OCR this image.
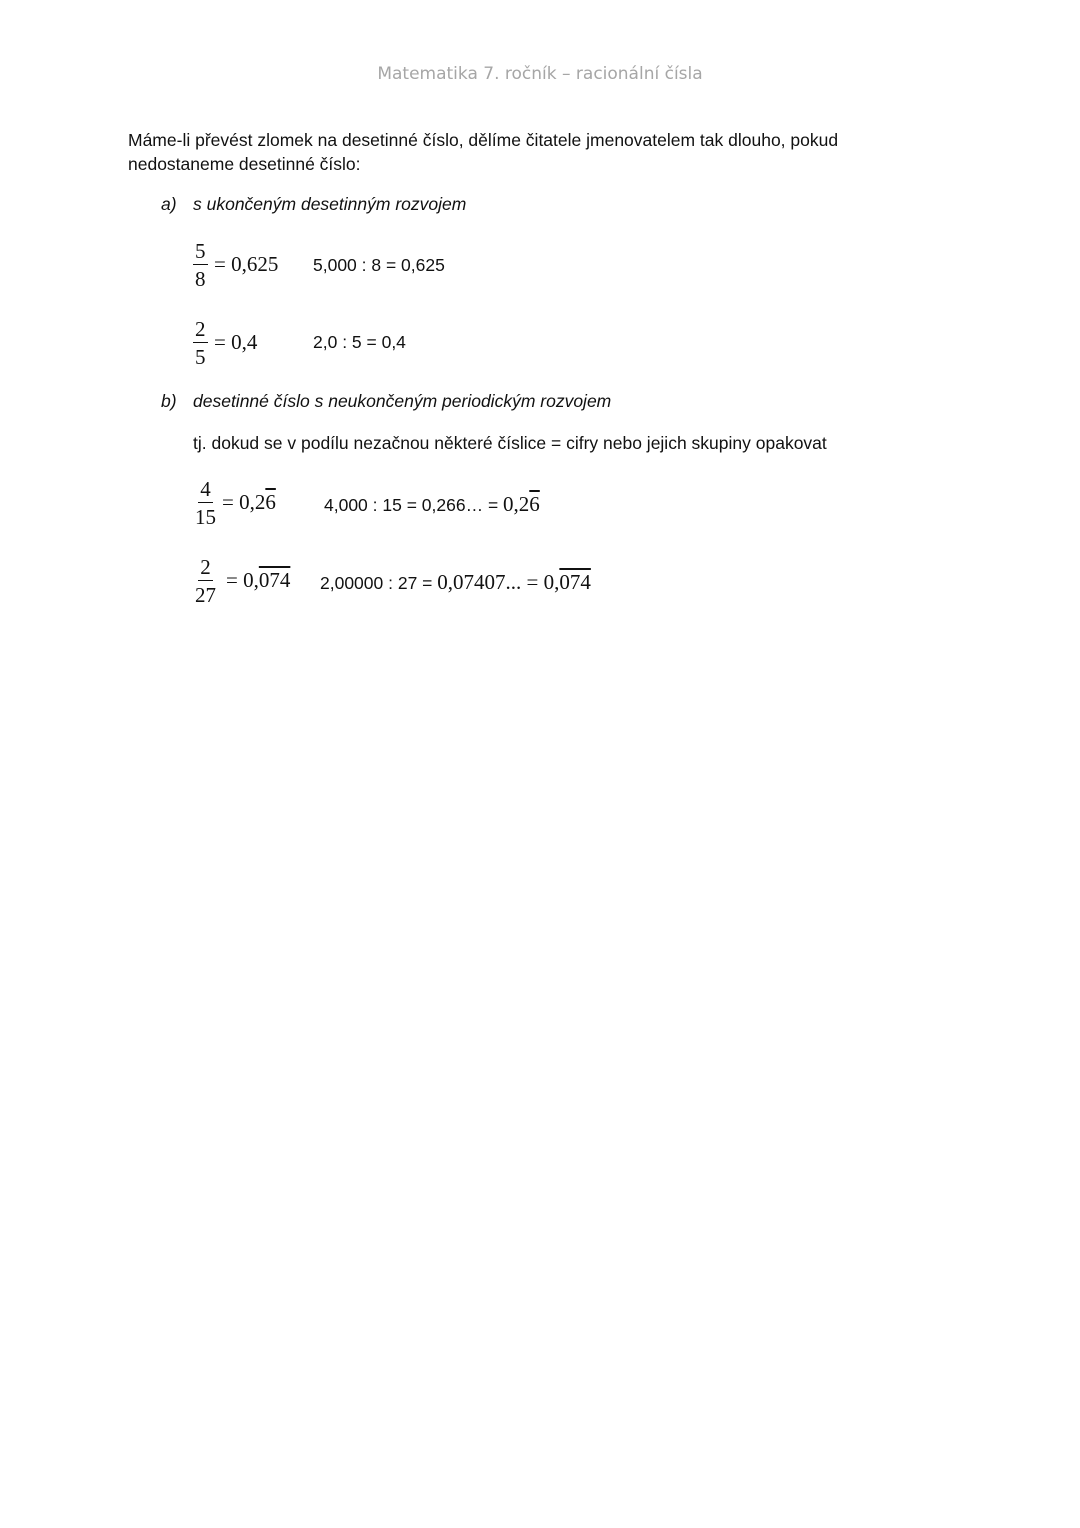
Matematika 7. ročník – racionální čísla
Máme-li převést zlomek na desetinné číslo, dělíme čitatele jmenovatelem tak dlouho, pokud
nedostaneme desetinné číslo:
a) s ukončeným desetinným rozvojem
$\frac{5}{8} = 0,625$ 5,000 : 8 = 0,625
$\frac{2}{5} = 0,4$	2,0 : 5 = 0,4
b) desetinné číslo s neukončeným periodickým rozvojem
tj. dokud se v podílu nezačnou některé číslice = cifry nebo jejich skupiny opakovat
$\frac{4}{15} = 0,26$	4,000 : 15 = 0,266… = 0,26
$\frac{2}{27} = 0,074$ 2,00000 : 27 = 0,07407... = 0,074
